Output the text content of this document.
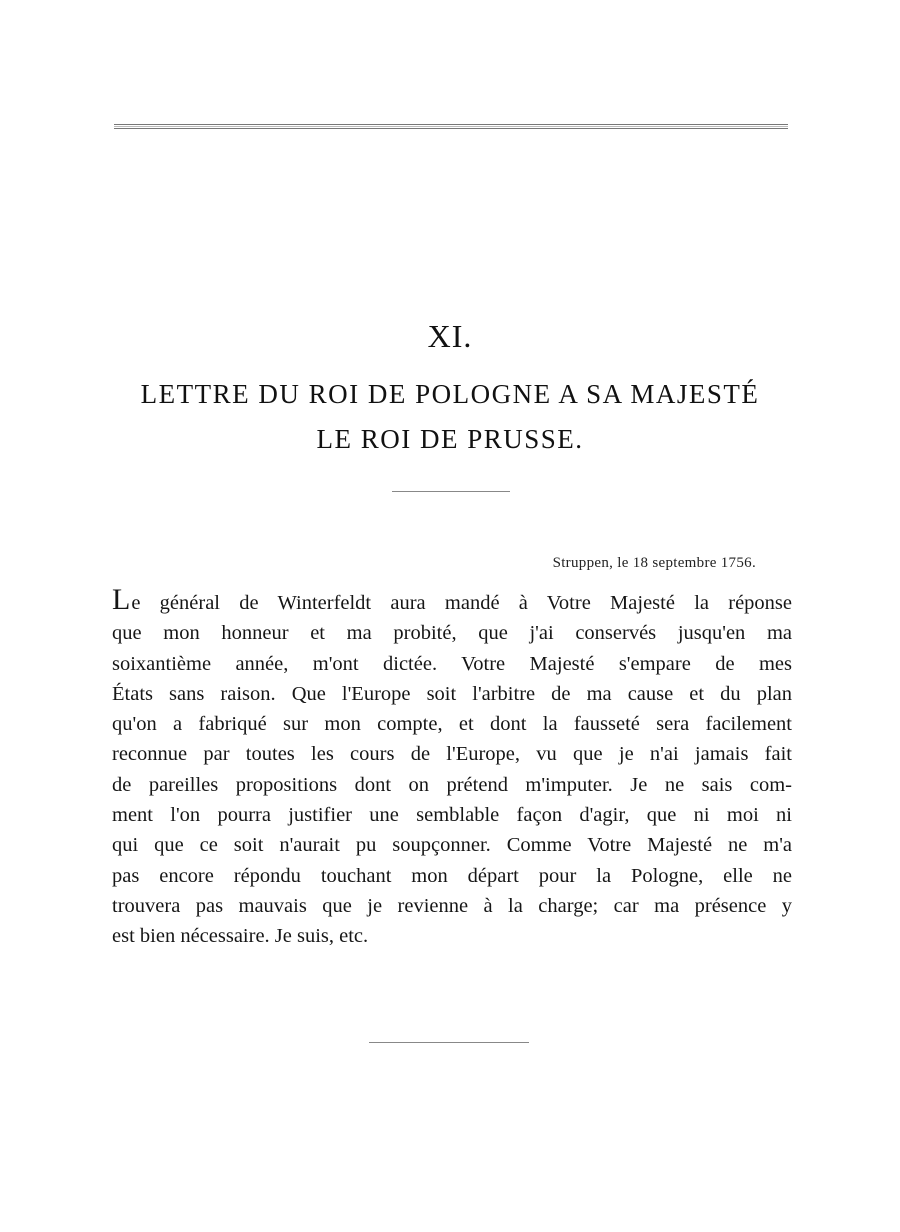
XI.
LETTRE DU ROI DE POLOGNE A SA MAJESTÉ
LE ROI DE PRUSSE.
Struppen, le 18 septembre 1756.
Le général de Winterfeldt aura mandé à Votre Majesté la réponse
que mon honneur et ma probité, que j'ai conservés jusqu'en ma
soixantième année, m'ont dictée. Votre Majesté s'empare de mes
États sans raison. Que l'Europe soit l'arbitre de ma cause et du plan
qu'on a fabriqué sur mon compte, et dont la fausseté sera facilement
reconnue par toutes les cours de l'Europe, vu que je n'ai jamais fait
de pareilles propositions dont on prétend m'imputer. Je ne sais com-
ment l'on pourra justifier une semblable façon d'agir, que ni moi ni
qui que ce soit n'aurait pu soupçonner. Comme Votre Majesté ne m'a
pas encore répondu touchant mon départ pour la Pologne, elle ne
trouvera pas mauvais que je revienne à la charge; car ma présence y
est bien nécessaire. Je suis, etc.
